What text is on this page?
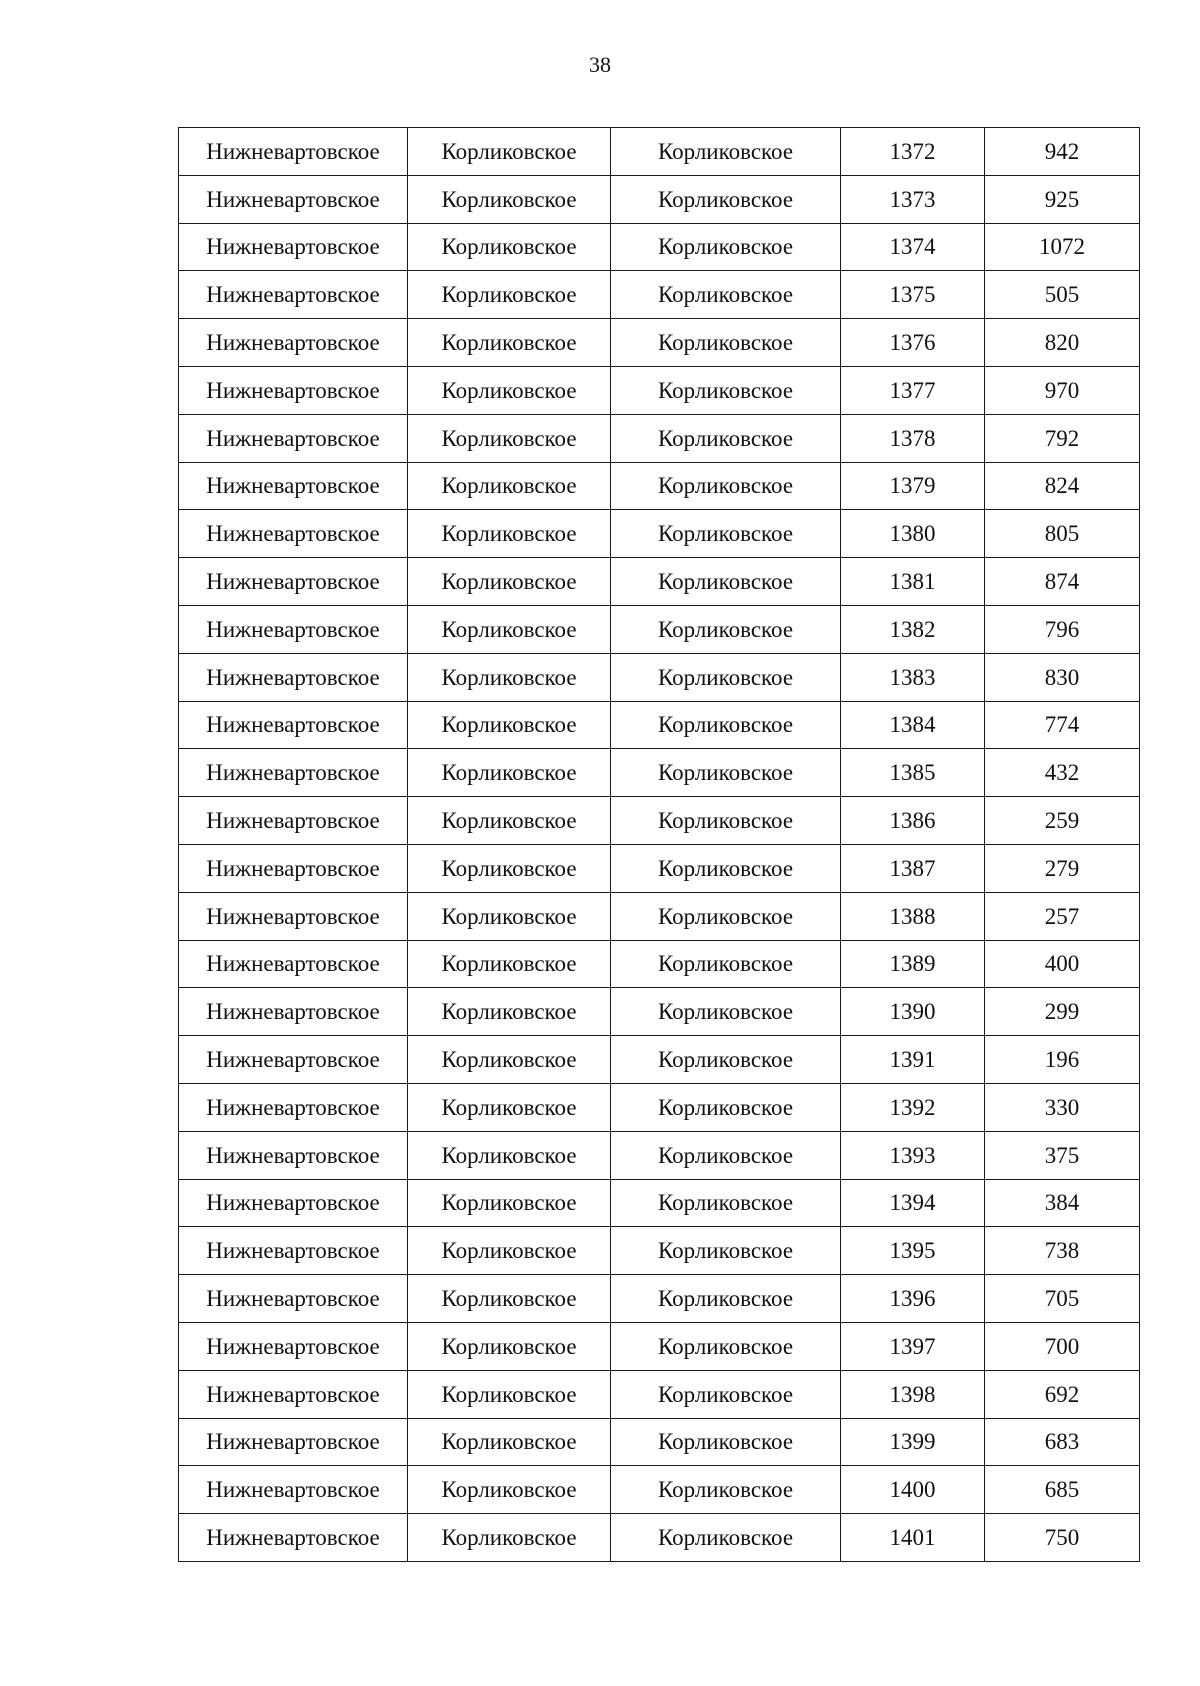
38
Нижневартовское	Корликовское	Корликовское	1372	942
Нижневартовское	Корликовское	Корликовское	1373	925
Нижневартовское	Корликовское	Корликовское	1374	1072
Нижневартовское	Корликовское	Корликовское	1375	505
Нижневартовское	Корликовское	Корликовское	1376	820
Нижневартовское	Корликовское	Корликовское	1377	970
Нижневартовское	Корликовское	Корликовское	1378	792
Нижневартовское	Корликовское	Корликовское	1379	824
Нижневартовское	Корликовское	Корликовское	1380	805
Нижневартовское	Корликовское	Корликовское	1381	874
Нижневартовское	Корликовское	Корликовское	1382	796
Нижневартовское	Корликовское	Корликовское	1383	830
Нижневартовское	Корликовское	Корликовское	1384	774
Нижневартовское	Корликовское	Корликовское	1385	432
Нижневартовское	Корликовское	Корликовское	1386	259
Нижневартовское	Корликовское	Корликовское	1387	279
Нижневартовское	Корликовское	Корликовское	1388	257
Нижневартовское	Корликовское	Корликовское	1389	400
Нижневартовское	Корликовское	Корликовское	1390	299
Нижневартовское	Корликовское	Корликовское	1391	196
Нижневартовское	Корликовское	Корликовское	1392	330
Нижневартовское	Корликовское	Корликовское	1393	375
Нижневартовское	Корликовское	Корликовское	1394	384
Нижневартовское	Корликовское	Корликовское	1395	738
Нижневартовское	Корликовское	Корликовское	1396	705
Нижневартовское	Корликовское	Корликовское	1397	700
Нижневартовское	Корликовское	Корликовское	1398	692
Нижневартовское	Корликовское	Корликовское	1399	683
Нижневартовское	Корликовское	Корликовское	1400	685
Нижневартовское	Корликовское	Корликовское	1401	750
